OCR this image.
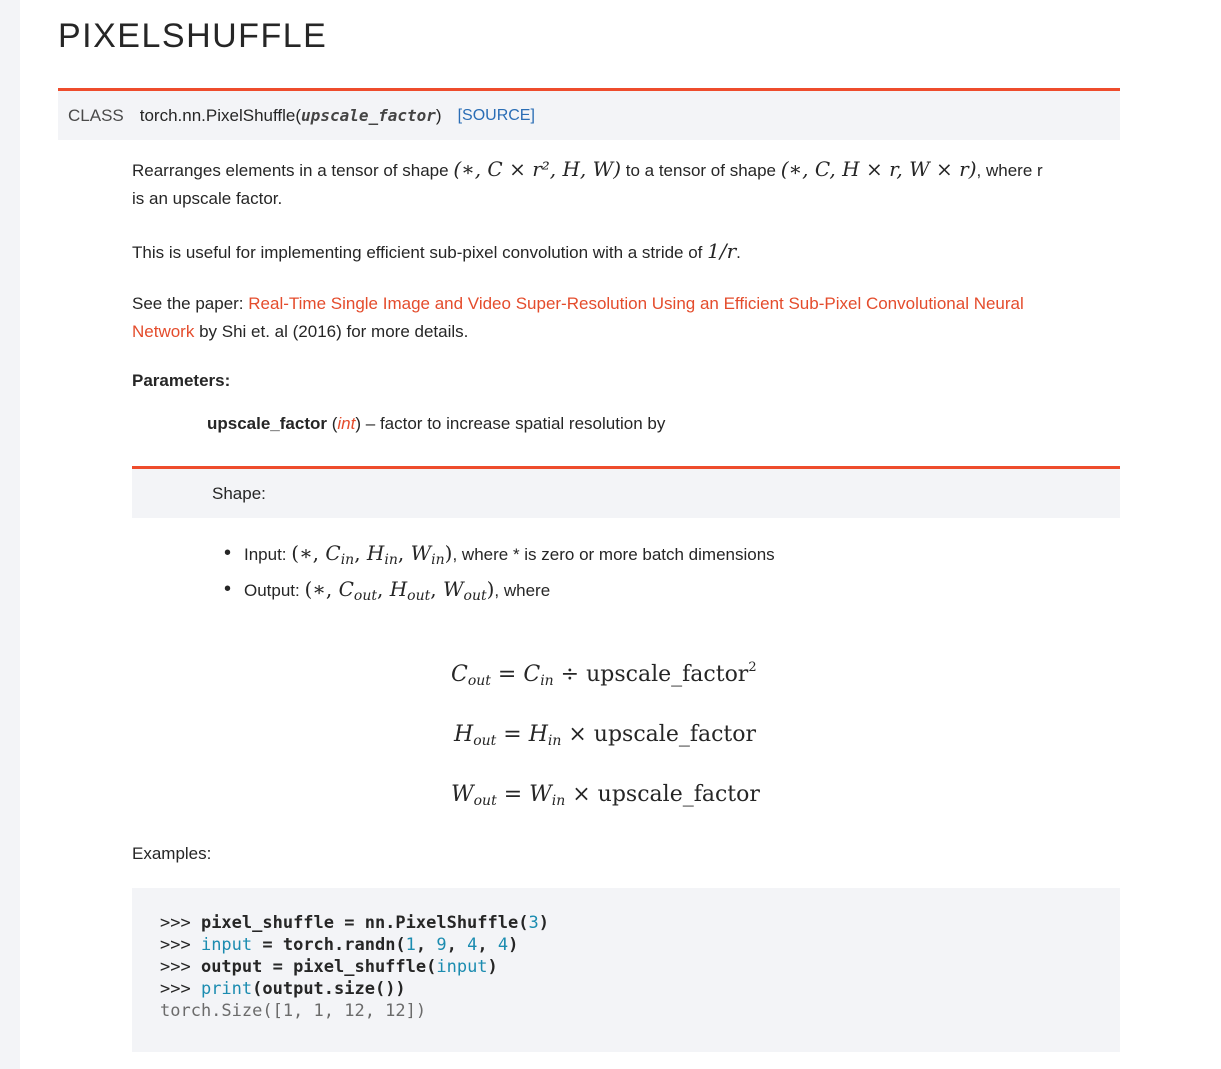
PIXELSHUFFLE
CLASS torch.nn.PixelShuffle ( upscale_factor ) [SOURCE]
Rearranges elements in a tensor of shape (∗, C × r², H, W) to a tensor of shape (∗, C, H × r, W × r), where r
is an upscale factor.
This is useful for implementing efficient sub-pixel convolution with a stride of 1/r.
See the paper: Real-Time Single Image and Video Super-Resolution Using an Efficient Sub-Pixel Convolutional Neural
Network by Shi et. al (2016) for more details.
Parameters:
upscale_factor (int) – factor to increase spatial resolution by
Shape:
• Input: (∗, $C_{in}$, $H_{in}$, $W_{in}$), where * is zero or more batch dimensions
• Output: (∗, $C_{out}$, $H_{out}$, $W_{out}$), where
$C_{out} = C_{in}$ ÷ upscale_factor$^2$
$H_{out} = H_{in}$ × upscale_factor
$W_{out} = W_{in}$ × upscale_factor
Examples:
>>> pixel_shuffle = nn.PixelShuffle(3)
>>> input = torch.randn(1, 9, 4, 4)
>>> output = pixel_shuffle(input)
>>> print(output.size())
torch.Size([1, 1, 12, 12])
